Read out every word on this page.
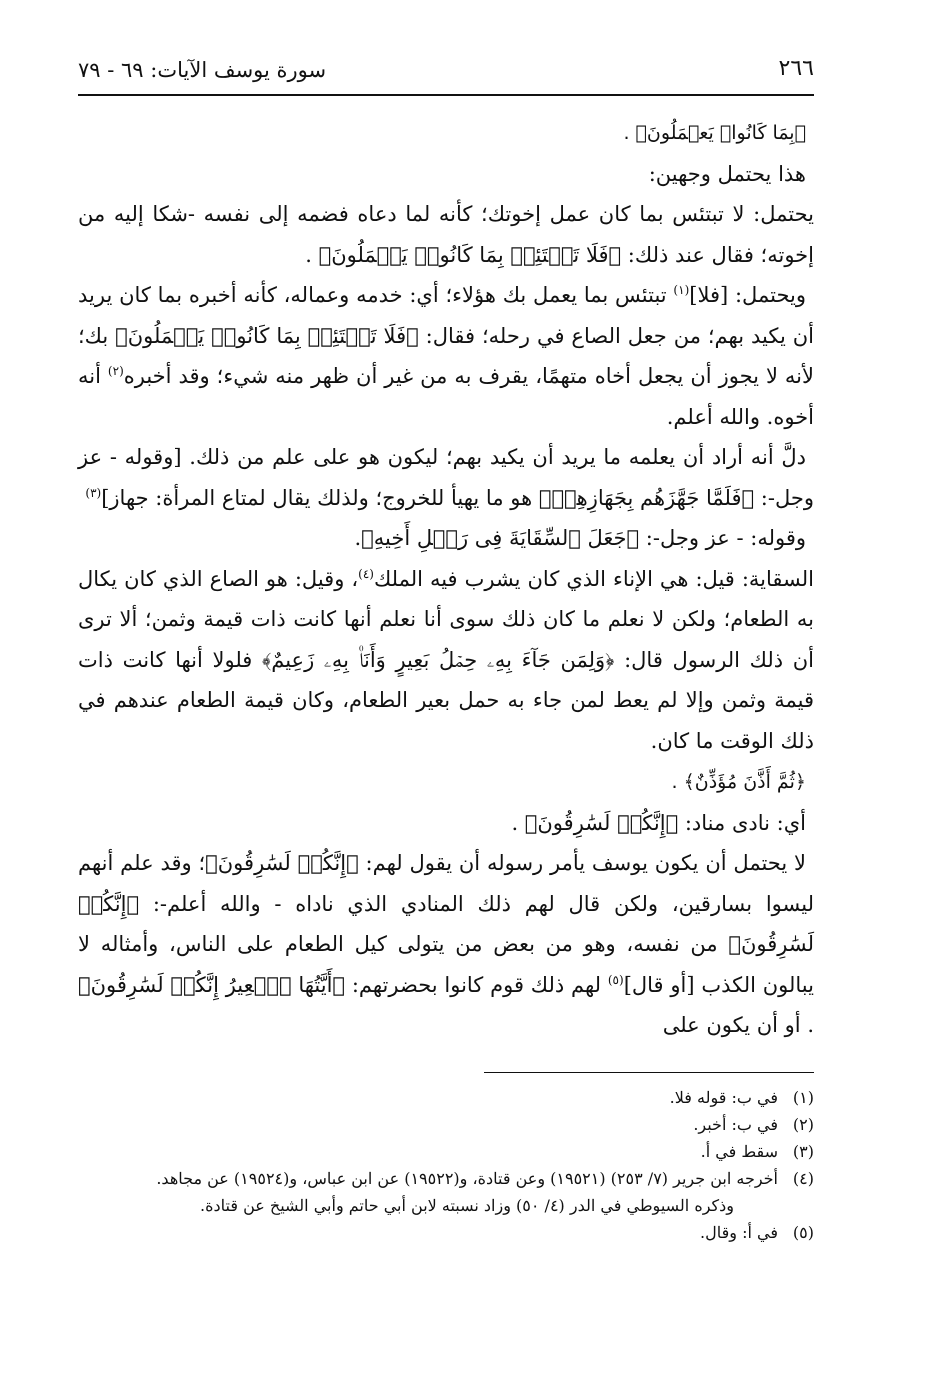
٢٦٦
سورة يوسف الآيات: ٦٩ - ٧٩

﴿بِمَا كَانُوا۟ يَعۡمَلُونَ﴾ .

هذا يحتمل وجهين:

يحتمل: لا تبتئس بما كان عمل إخوتك؛ كأنه لما دعاه فضمه إلى نفسه -شكا إليه من إخوته؛ فقال عند ذلك: ﴿فَلَا تَبۡتَئِسۡ بِمَا كَانُوا۟ يَعۡمَلُونَ﴾ .

ويحتمل: [فلا]$^{(١)}$ تبتئس بما يعمل بك هؤلاء؛ أي: خدمه وعماله، كأنه أخبره بما كان يريد أن يكيد بهم؛ من جعل الصاع في رحله؛ فقال: ﴿فَلَا تَبۡتَئِسۡ بِمَا كَانُوا۟ يَعۡمَلُونَ﴾ بك؛ لأنه لا يجوز أن يجعل أخاه متهمًا، يقرف به من غير أن ظهر منه شيء؛ وقد أخبره$^{(٢)}$ أنه أخوه. والله أعلم.

دلَّ أنه أراد أن يعلمه ما يريد أن يكيد بهم؛ ليكون هو على علم من ذلك. [وقوله - عز وجل-: ﴿فَلَمَّا جَهَّزَهُم بِجَهَازِهِمۡ﴾ هو ما يهيأ للخروج؛ ولذلك يقال لمتاع المرأة: جهاز]$^{(٣)}$

وقوله: - عز وجل-: ﴿جَعَلَ ٱلسِّقَايَةَ فِى رَحۡلِ أَخِيهِ﴾.

السقاية: قيل: هي الإناء الذي كان يشرب فيه الملك$^{(٤)}$، وقيل: هو الصاع الذي كان يكال به الطعام؛ ولكن لا نعلم ما كان ذلك سوى أنا نعلم أنها كانت ذات قيمة وثمن؛ ألا ترى أن ذلك الرسول قال: ﴿وَلِمَن جَآءَ بِهِۦ حِمۡلُ بَعِيرٍ وَأَنَا۠ بِهِۦ زَعِيمٌ﴾ فلولا أنها كانت ذات قيمة وثمن وإلا لم يعط لمن جاء به حمل بعير الطعام، وكان قيمة الطعام عندهم في ذلك الوقت ما كان.

﴿ثُمَّ أَذَّنَ مُؤَذِّنٌ﴾ .

أي: نادى مناد: ﴿إِنَّكُمۡ لَسَٰرِقُونَ﴾ .

لا يحتمل أن يكون يوسف يأمر رسوله أن يقول لهم: ﴿إِنَّكُمۡ لَسَٰرِقُونَ﴾؛ وقد علم أنهم ليسوا بسارقين، ولكن قال لهم ذلك المنادي الذي ناداه - والله أعلم-: ﴿إِنَّكُمۡ لَسَٰرِقُونَ﴾ من نفسه، وهو من بعض من يتولى كيل الطعام على الناس، وأمثاله لا يبالون الكذب [أو قال]$^{(٥)}$ لهم ذلك قوم كانوا بحضرتهم: ﴿أَيَّتُهَا ٱلۡعِيرُ إِنَّكُمۡ لَسَٰرِقُونَ﴾ . أو أن يكون على

(١)في ب: قوله فلا.

(٢)في ب: أخبر.

(٣)سقط في أ.

(٤)أخرجه ابن جرير (٧/ ٢٥٣) (١٩٥٢١) وعن قتادة، و(١٩٥٢٢) عن ابن عباس، و(١٩٥٢٤) عن مجاهد.

وذكره السيوطي في الدر (٤/ ٥٠) وزاد نسبته لابن أبي حاتم وأبي الشيخ عن قتادة.

(٥)في أ: وقال.
